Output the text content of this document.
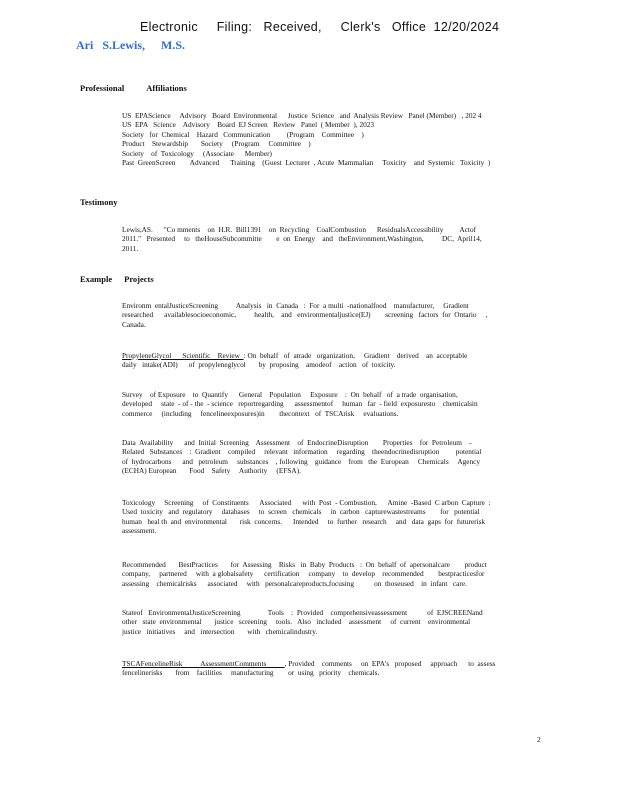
Electronic     Filing:   Received,     Clerk's   Office  12/20/2024
Ari   S.Lewis, M.S.
Professional	Affiliations
US  EPAScience     Advisory   Board  Environmental      Justice  Science   and  Analysis Review   Panel (Member)   , 202 4
US  EPA   Science    Advisory    Board  EJ Screen   Review   Panel  ( Member  ), 2023
Society   for  Chemical    Hazard   Communication         (Program    Committee    )
Product    Stewardship       Society     (Program     Committee    )
Society    of  Toxicology     (Associate      Member)
Past  GreenScreen        Advanced      Training    (Guest  Lecturer  , Acute  Mammalian     Toxicity    and  Systemic   Toxicity  )
Testimony
Lewis,AS.      "Co mments    on  H.R.  Bill1391    on  Recycling    CoalCombustion      ResidualsAccessibility         Actof
2011."   Presented     to   theHouseSubcommitte        e  on  Energy    and   theEnvironment,Washington,          DC,  April14,
2011.
Example Projects
Environm  entalJusticeScreening          Analysis   in  Canada   :  For  a multi  -nationalfood    manufacturer,     Gradient
researched      availablesocioeconomic,          health,    and   environmentaljustice(EJ)        screening   factors  for  Ontario     ,
Canada.
PropyleneGlycol      Scientific    Review  : On  behalf   of  atrade   organization,     Gradient    derived    an  acceptable
daily   intake(ADI)      of  propyleneglycol       by  proposing    amodeof    action   of  toxicity.
Survey    of Exposure    to  Quantify      General    Population     Exposure    :  On  behalf   of  a trade  organisation,
developed     state  - of - the  - science   reportregarding      assessmentof     human   far  - field  exposuresto    chemicalsin
commerce     (including     fencelineexposures)in        thecontext   of  TSCArisk     evaluations.
Data  Availability      and  Initial  Screening    Assessment    of  EndocrineDisruption        Properties    for  Petroleum    -
Related   Substances    :  Gradient    compiled     relevant   information     regarding    theendocrinedisruption         potential
of  hydrocarbons      and   petroleum     substances    , following    guidance    from   the  European     Chemicals     Agency
(ECHA) European       Food    Safety     Authority     (EFSA).
Toxicology     Screening     of  Constituents      Associated      with  Post  - Combustion,      Amine  -Based  C arbon  Capture  :
Used  toxicity   and  regulatory     databases     to  screen   chemicals     in  carbon   capturewastestreams        for   potential
human   heal th  and  environmental       risk  concerns.      Intended     to  further   research     and   data  gaps  for  futurerisk
assessment.
Recommended       BestPractices       for  Assessing    Risks   in  Baby  Products   :  On  behalf  of  apersonalcare        product
company,     partnered     with  a globalsafety      certification     company    to  develop    recommended        bestpracticesfor
assessing    chemicalrisks      associated     with   personalcareproducts,focusing           on  thoseused    in  infant   care.
Stateof   EnvironmentalJusticeScreening               Tools    :  Provided    comprehensiveassessment           of  EJSCREENand
other   state  environmental       justice   screening     tools.   Also   included    assessment     of  current    environmental
justice   initiatives     and   intersection       with   chemicalindustry.
TSCAFencelineRisk          AssessmentComments          , Provided    comments     on  EPA's   proposed     approach      to  assess
fencelinerisks       from    facilities     manufacturing        or  using   priority    chemicals.
2
